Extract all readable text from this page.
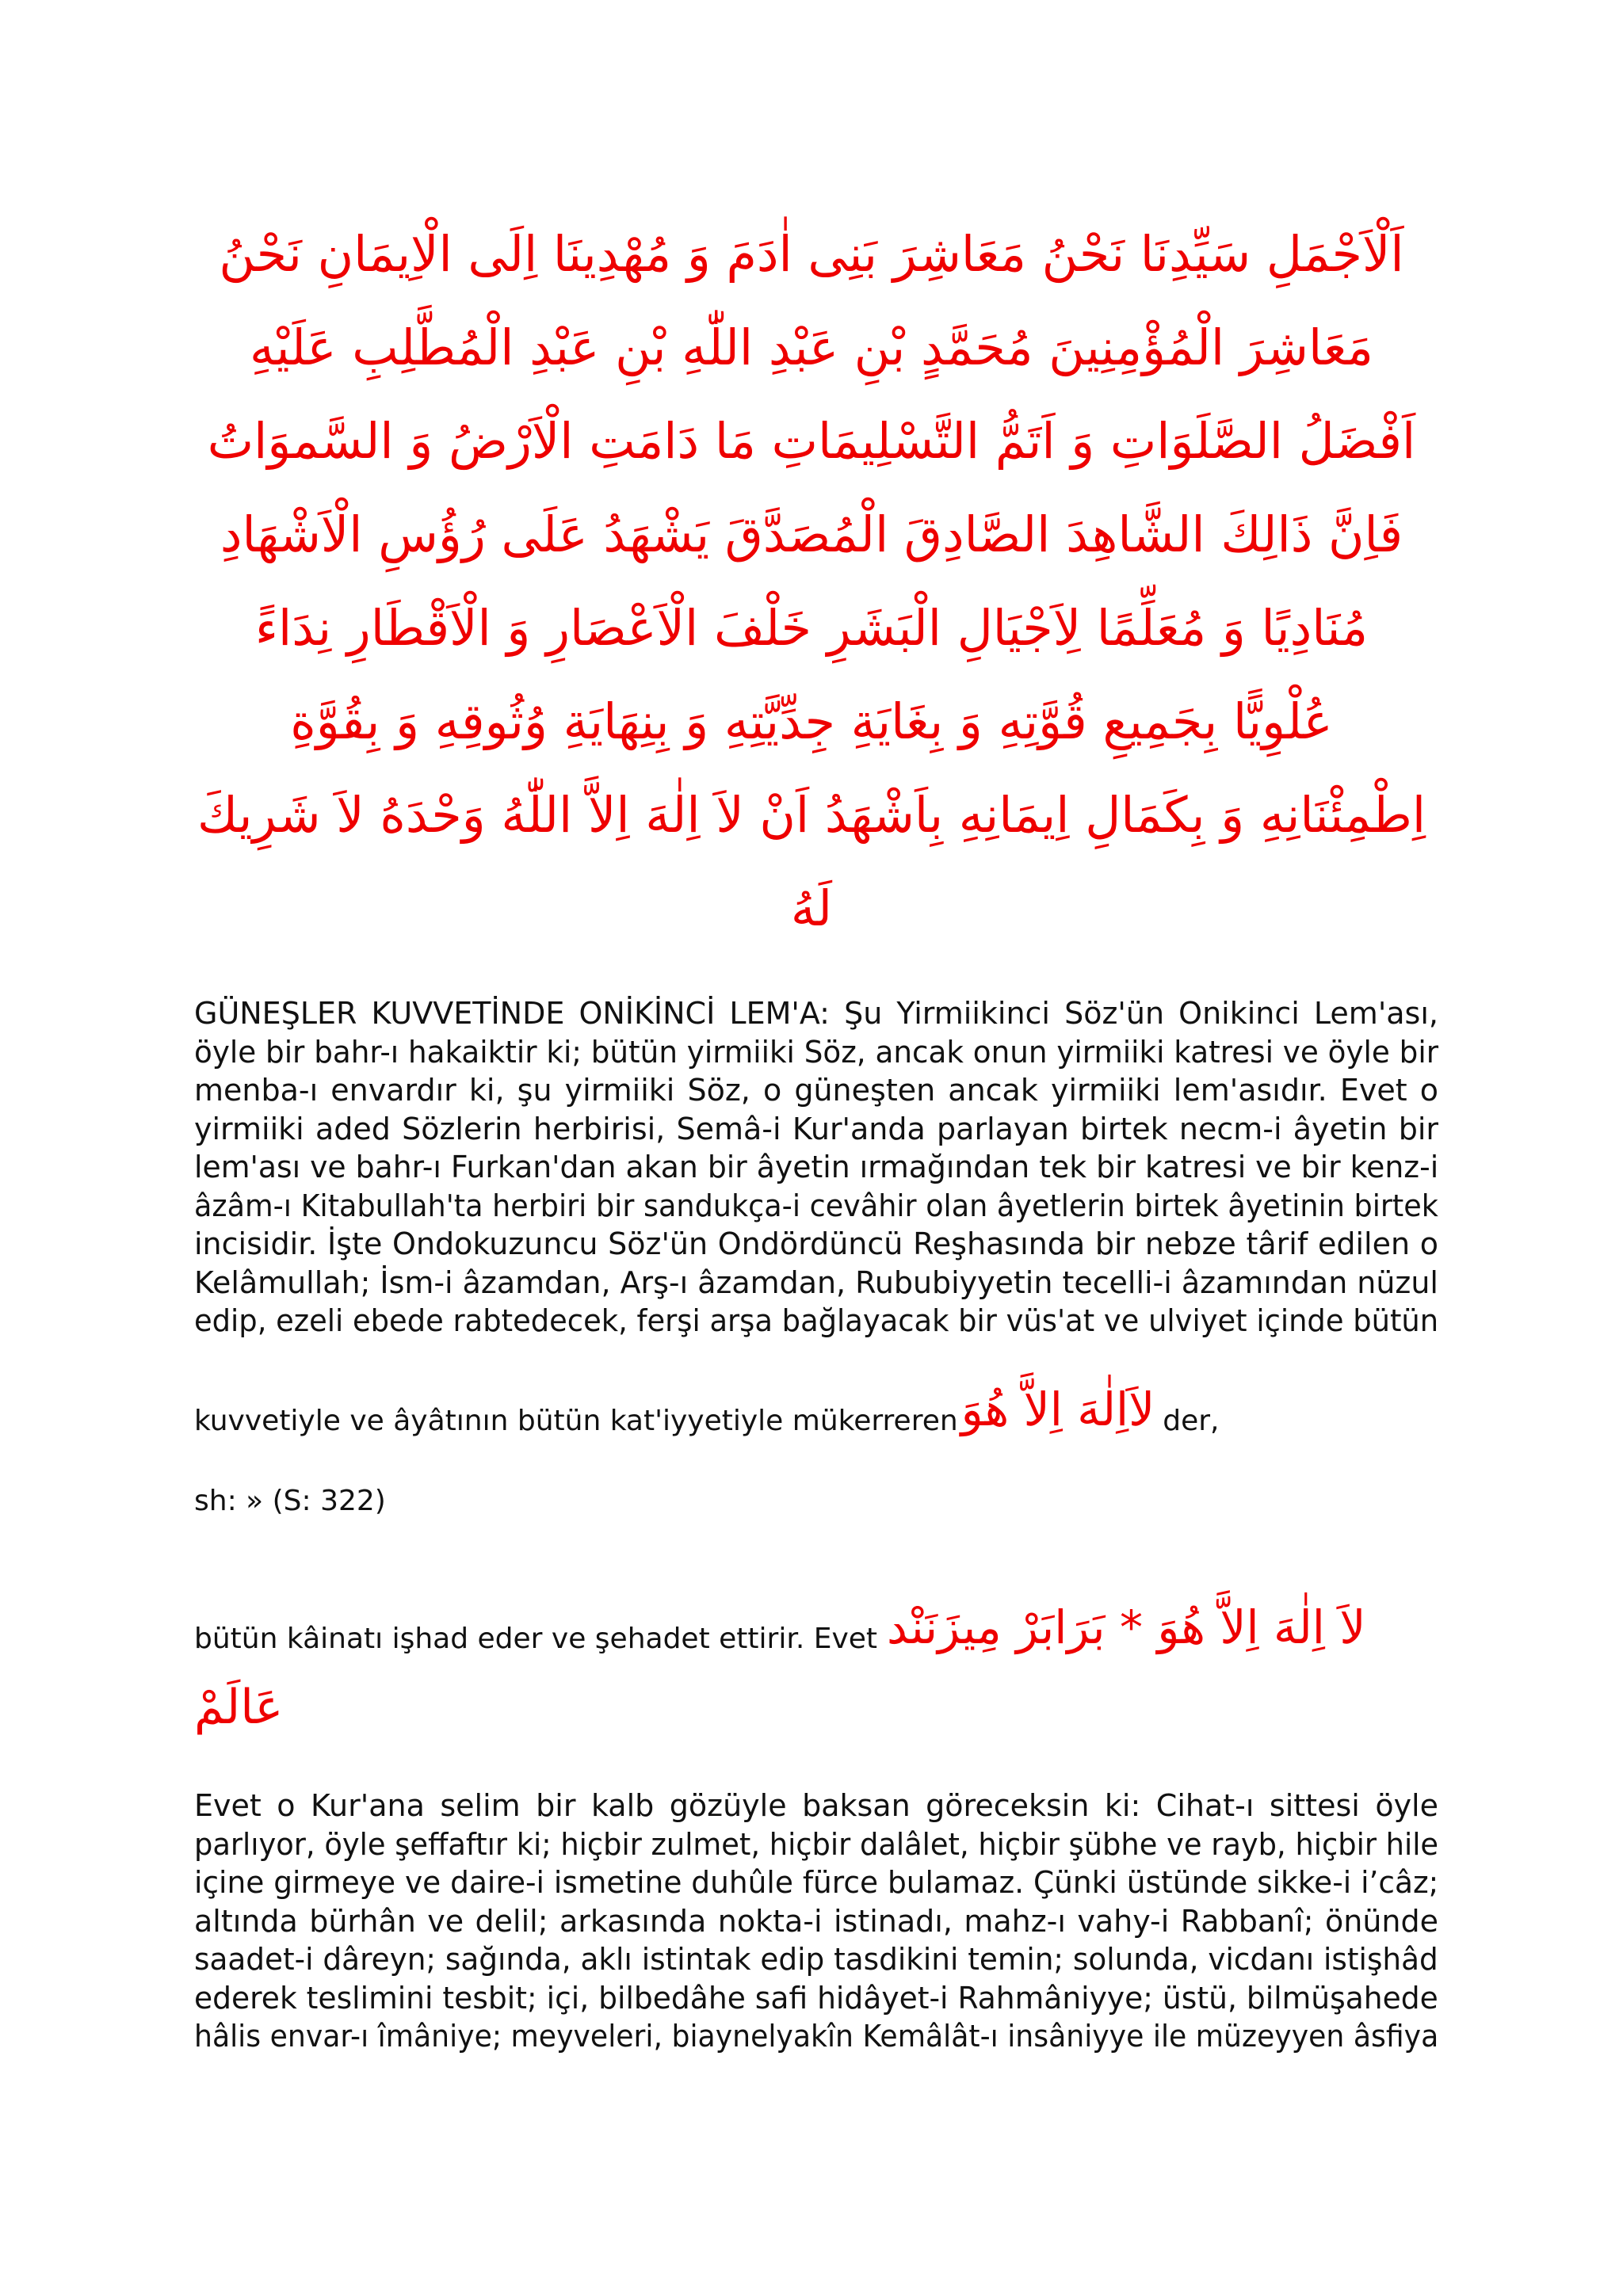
اَلْاَجْمَلِ سَيِّدِنَا نَحْنُ مَعَاشِرَ بَنِى اٰدَمَ وَ مُهْدِينَا اِلَى الْاِيمَانِ نَحْنُ
مَعَاشِرَ الْمُؤْمِنِينَ مُحَمَّدٍ بْنِ عَبْدِ اللّٰهِ بْنِ عَبْدِ الْمُطَّلِبِ عَلَيْهِ
اَفْضَلُ الصَّلَوَاتِ وَ اَتَمُّ التَّسْلِيمَاتِ مَا دَامَتِ الْاَرْضُ وَ السَّموَاتُ
فَاِنَّ ذَالِكَ الشَّاهِدَ الصَّادِقَ الْمُصَدَّقَ يَشْهَدُ عَلَى رُؤُسِ الْاَشْهَادِ
مُنَادِيًا وَ مُعَلِّمًا لِاَجْيَالِ الْبَشَرِ خَلْفَ الْاَعْصَارِ وَ الْاَقْطَارِ نِدَاءً
عُلْوِيًّا بِجَمِيعِ قُوَّتِهِ وَ بِغَايَةِ جِدِّيَّتِهِ وَ بِنِهَايَةِ وُثُوقِهِ وَ بِقُوَّةِ
اِطْمِئْنَانِهِ وَ بِكَمَالِ اِيمَانِهِ بِاَشْهَدُ اَنْ لاَ اِلٰهَ اِلاَّ اللّٰهُ وَحْدَهُ لاَ شَرِيكَ
لَهُ
GÜNEŞLER KUVVETİNDE ONİKİNCİ LEM'A: Şu Yirmiikinci Söz'ün Onikinci Lem'ası,
öyle bir bahr-ı hakaiktir ki; bütün yirmiiki Söz, ancak onun yirmiiki katresi ve öyle bir
menba-ı envardır ki, şu yirmiiki Söz, o güneşten ancak yirmiiki lem'asıdır. Evet o
yirmiiki aded Sözlerin herbirisi, Semâ-i Kur'anda parlayan birtek necm-i âyetin bir
lem'ası ve bahr-ı Furkan'dan akan bir âyetin ırmağından tek bir katresi ve bir kenz-i
âzâm-ı Kitabullah'ta herbiri bir sandukça-i cevâhir olan âyetlerin birtek âyetinin birtek
incisidir. İşte Ondokuzuncu Söz'ün Ondördüncü Reşhasında bir nebze târif edilen o
Kelâmullah; İsm-i âzamdan, Arş-ı âzamdan, Rububiyyetin tecelli-i âzamından nüzul
edip, ezeli ebede rabtedecek, ferşi arşa bağlayacak bir vüs'at ve ulviyet içinde bütün
kuvvetiyle ve âyâtının bütün kat'iyyetiyle mükerrerenلاَاِلٰهَ اِلاَّ هُوَ der,
sh: » (S: 322)
bütün kâinatı işhad eder ve şehadet ettirir. Evet لاَ اِلٰهَ اِلاَّ هُوَ * بَرَابَرْ مِيزَنَنْد
عَالَمْ
Evet o Kur'ana selim bir kalb gözüyle baksan göreceksin ki: Cihat-ı sittesi öyle
parlıyor, öyle şeffaftır ki; hiçbir zulmet, hiçbir dalâlet, hiçbir şübhe ve rayb, hiçbir hile
içine girmeye ve daire-i ismetine duhûle fürce bulamaz. Çünki üstünde sikke-i i’câz;
altında bürhân ve delil; arkasında nokta-i istinadı, mahz-ı vahy-i Rabbanî; önünde
saadet-i dâreyn; sağında, aklı istintak edip tasdikini temin; solunda, vicdanı istişhâd
ederek teslimini tesbit; içi, bilbedâhe safi hidâyet-i Rahmâniyye; üstü, bilmüşahede
hâlis envar-ı îmâniye; meyveleri, biaynelyakîn Kemâlât-ı insâniyye ile müzeyyen âsfiya
